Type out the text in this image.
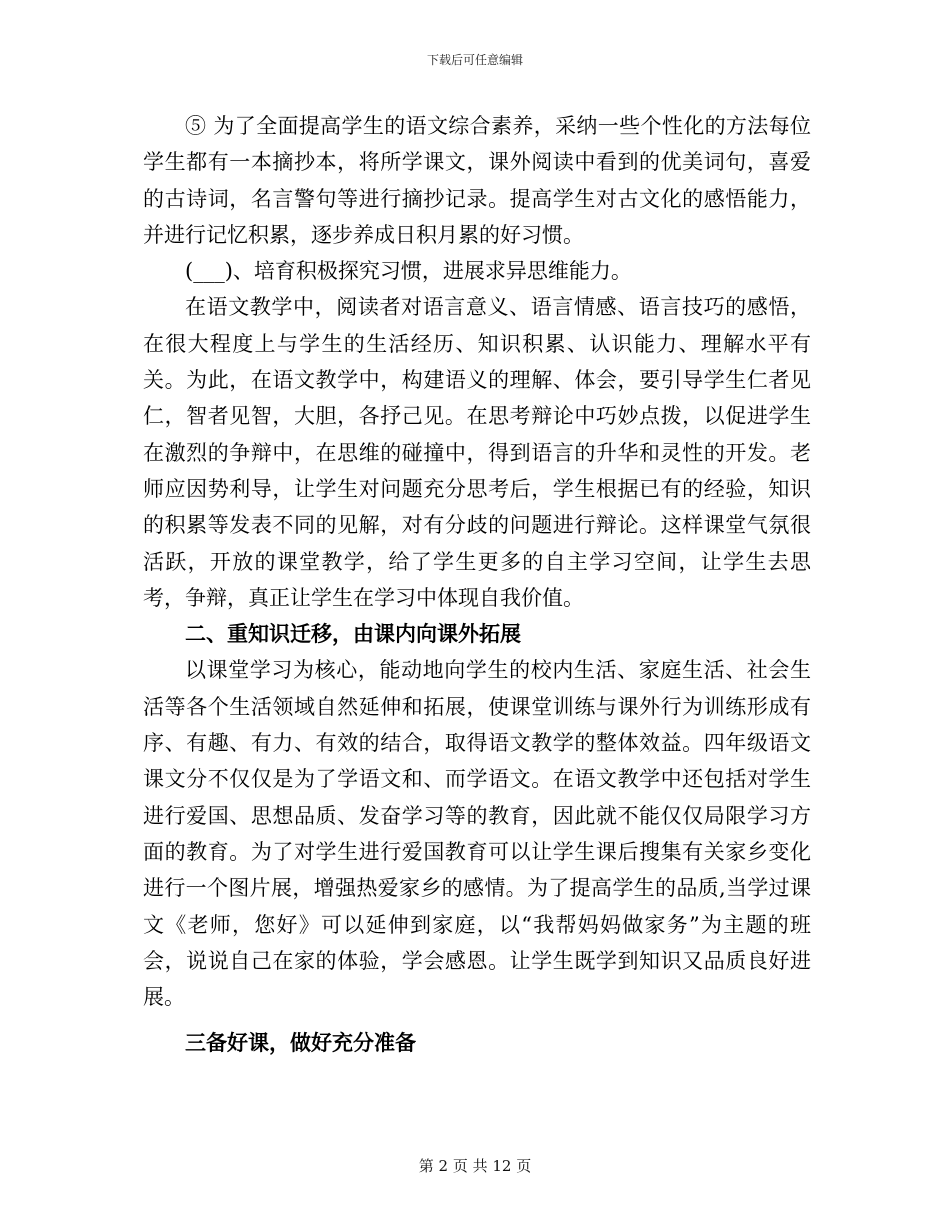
下载后可任意编辑

⑤ 为了全面提高学生的语文综合素养，采纳一些个性化的方法每位学生都有一本摘抄本，将所学课文，课外阅读中看到的优美词句，喜爱的古诗词，名言警句等进行摘抄记录。提高学生对古文化的感悟能力，并进行记忆积累，逐步养成日积月累的好习惯。

(___)、培育积极探究习惯，进展求异思维能力。

在语文教学中，阅读者对语言意义、语言情感、语言技巧的感悟，在很大程度上与学生的生活经历、知识积累、认识能力、理解水平有关。为此，在语文教学中，构建语义的理解、体会，要引导学生仁者见仁，智者见智，大胆，各抒己见。在思考辩论中巧妙点拨，以促进学生在激烈的争辩中，在思维的碰撞中，得到语言的升华和灵性的开发。老师应因势利导，让学生对问题充分思考后，学生根据已有的经验，知识的积累等发表不同的见解，对有分歧的问题进行辩论。这样课堂气氛很活跃，开放的课堂教学，给了学生更多的自主学习空间，让学生去思考，争辩，真正让学生在学习中体现自我价值。

二、重知识迁移，由课内向课外拓展

以课堂学习为核心，能动地向学生的校内生活、家庭生活、社会生活等各个生活领域自然延伸和拓展，使课堂训练与课外行为训练形成有序、有趣、有力、有效的结合，取得语文教学的整体效益。四年级语文课文分不仅仅是为了学语文和、而学语文。在语文教学中还包括对学生进行爱国、思想品质、发奋学习等的教育，因此就不能仅仅局限学习方面的教育。为了对学生进行爱国教育可以让学生课后搜集有关家乡变化进行一个图片展，增强热爱家乡的感情。为了提高学生的品质,当学过课文《老师，您好》可以延伸到家庭，以“我帮妈妈做家务”为主题的班会，说说自己在家的体验，学会感恩。让学生既学到知识又品质良好进展。

三备好课，做好充分准备

第 2 页 共 12 页
